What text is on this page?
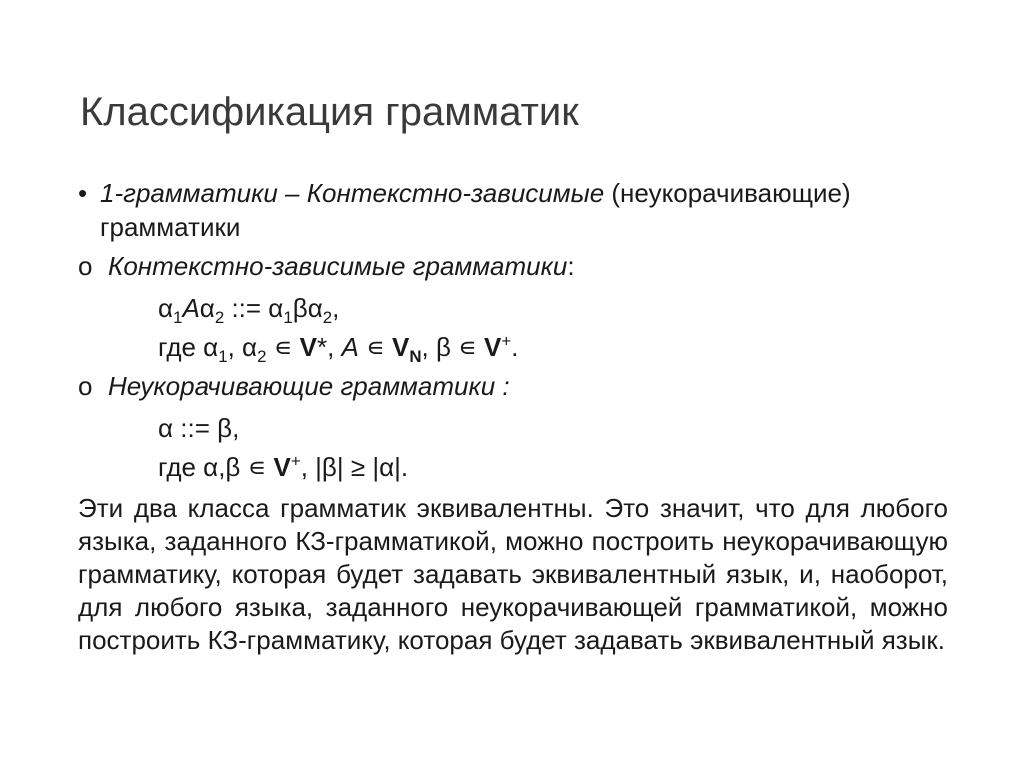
Классификация грамматик
• 1-грамматики – Контекстно-зависимые (неукорачивающие) грамматики
o Контекстно-зависимые грамматики:
$\alpha_1A\alpha_2$ ::= $\alpha_1\beta\alpha_2$,
где $\alpha_1$, $\alpha_2$ ∊ V*, A ∊ $V_N$, β ∊ V+.
o Неукорачивающие грамматики :
α ::= β,
где α,β ∊ V+, |β| ≥ |α|.
Эти два класса грамматик эквивалентны. Это значит, что для любого языка, заданного КЗ-грамматикой, можно построить неукорачивающую грамматику, которая будет задавать эквивалентный язык, и, наоборот, для любого языка, заданного неукорачивающей грамматикой, можно построить КЗ-грамматику, которая будет задавать эквивалентный язык.
